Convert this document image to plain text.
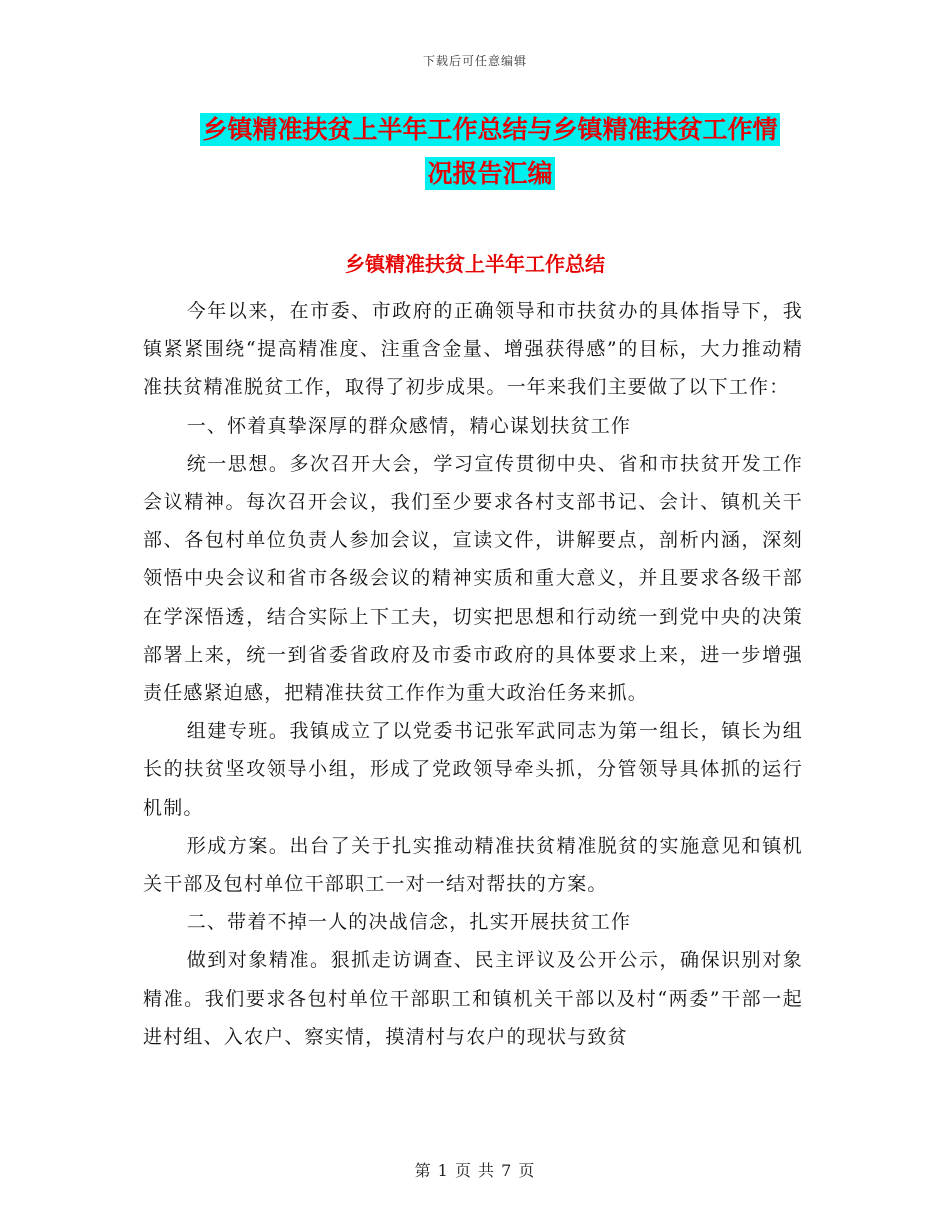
下载后可任意编辑
乡镇精准扶贫上半年工作总结与乡镇精准扶贫工作情
况报告汇编
乡镇精准扶贫上半年工作总结

今年以来，在市委、市政府的正确领导和市扶贫办的具体指导下，我镇紧紧围绕“提高精准度、注重含金量、增强获得感”的目标，大力推动精准扶贫精准脱贫工作，取得了初步成果。一年来我们主要做了以下工作：

一、怀着真挚深厚的群众感情，精心谋划扶贫工作

统一思想。多次召开大会，学习宣传贯彻中央、省和市扶贫开发工作会议精神。每次召开会议，我们至少要求各村支部书记、会计、镇机关干部、各包村单位负责人参加会议，宣读文件，讲解要点，剖析内涵，深刻领悟中央会议和省市各级会议的精神实质和重大意义，并且要求各级干部在学深悟透，结合实际上下工夫，切实把思想和行动统一到党中央的决策部署上来，统一到省委省政府及市委市政府的具体要求上来，进一步增强责任感紧迫感，把精准扶贫工作作为重大政治任务来抓。

组建专班。我镇成立了以党委书记张军武同志为第一组长，镇长为组长的扶贫坚攻领导小组，形成了党政领导牵头抓，分管领导具体抓的运行机制。

形成方案。出台了关于扎实推动精准扶贫精准脱贫的实施意见和镇机关干部及包村单位干部职工一对一结对帮扶的方案。

二、带着不掉一人的决战信念，扎实开展扶贫工作

做到对象精准。狠抓走访调查、民主评议及公开公示，确保识别对象精准。我们要求各包村单位干部职工和镇机关干部以及村“两委”干部一起进村组、入农户、察实情，摸清村与农户的现状与致贫

第 1 页 共 7 页
